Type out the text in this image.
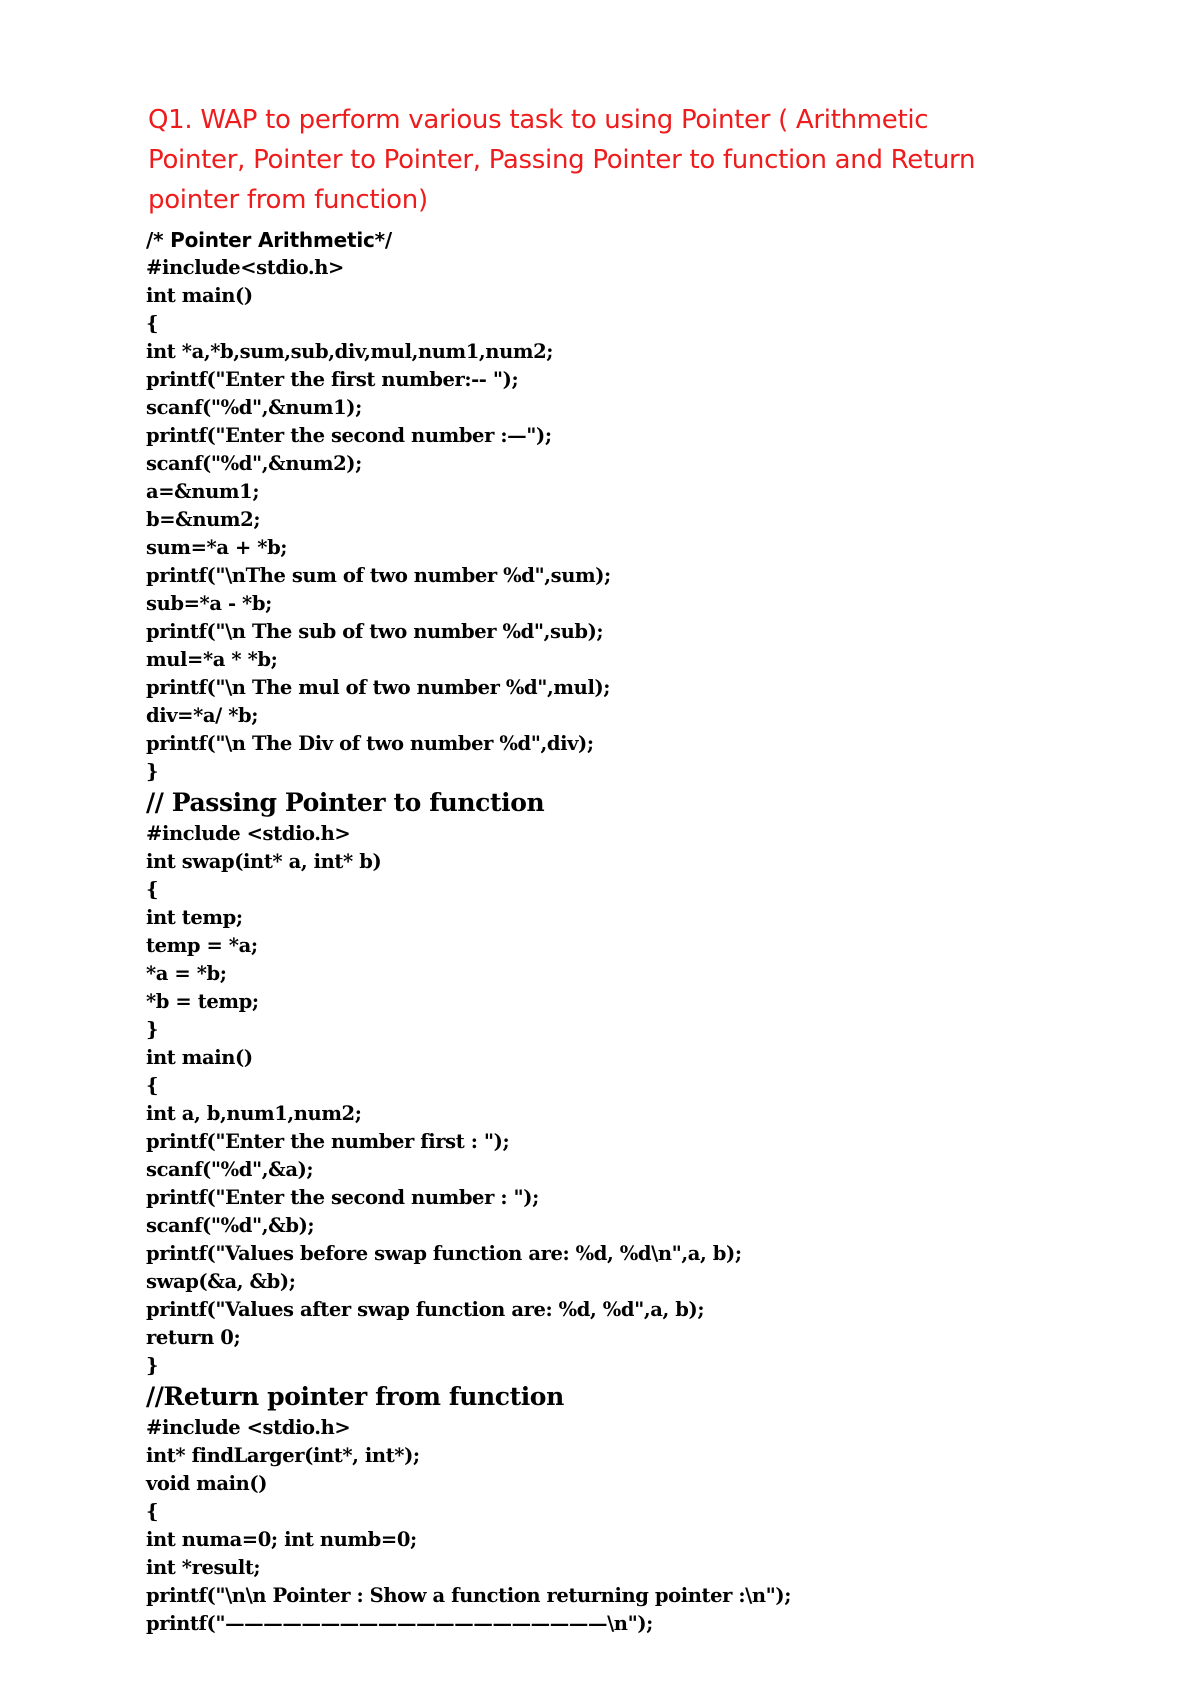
Q1. WAP to perform various task to using Pointer ( Arithmetic
Pointer, Pointer to Pointer, Passing Pointer to function and Return
pointer from function)
/* Pointer Arithmetic*/
#include<stdio.h>
int main()
{
int *a,*b,sum,sub,div,mul,num1,num2;
printf("Enter the first number:-- ");
scanf("%d",&num1);
printf("Enter the second number :—");
scanf("%d",&num2);
a=&num1;
b=&num2;
sum=*a + *b;
printf("\nThe sum of two number %d",sum);
sub=*a - *b;
printf("\n The sub of two number %d",sub);
mul=*a * *b;
printf("\n The mul of two number %d",mul);
div=*a/ *b;
printf("\n The Div of two number %d",div);
}
// Passing Pointer to function
#include <stdio.h>
int swap(int* a, int* b)
{
int temp;
temp = *a;
*a = *b;
*b = temp;
}
int main()
{
int a, b,num1,num2;
printf("Enter the number first : ");
scanf("%d",&a);
printf("Enter the second number : ");
scanf("%d",&b);
printf("Values before swap function are: %d, %d\n",a, b);
swap(&a, &b);
printf("Values after swap function are: %d, %d",a, b);
return 0;
}
//Return pointer from function
#include <stdio.h>
int* findLarger(int*, int*);
void main()
{
int numa=0; int numb=0;
int *result;
printf("\n\n Pointer : Show a function returning pointer :\n");
printf("————————————————————\n");
